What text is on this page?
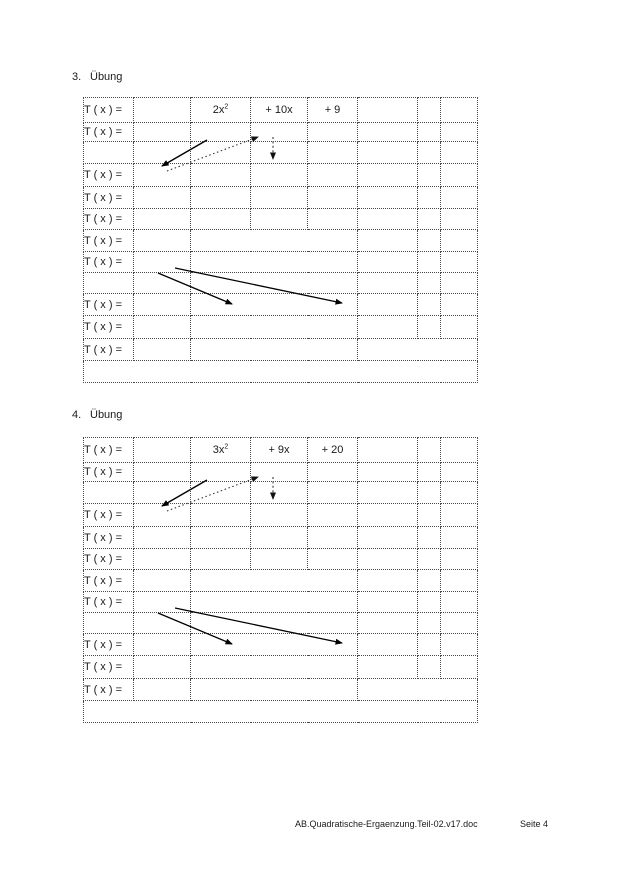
3. Übung
T ( x ) =		$2x^2$	+ 10x	+ 9			
T ( x ) =							

T ( x ) =							
T ( x ) =							
T ( x ) =							
T ( x ) =							
T ( x ) =							

T ( x ) =							
T ( x ) =							
T ( x ) =							

4. Übung
T ( x ) =		$3x^2$	+ 9x	+ 20			
T ( x ) =							

T ( x ) =							
T ( x ) =							
T ( x ) =							
T ( x ) =							
T ( x ) =							

T ( x ) =							
T ( x ) =							
T ( x ) =							

AB.Quadratische-Ergaenzung.Teil-02.v17.doc	Seite 4
